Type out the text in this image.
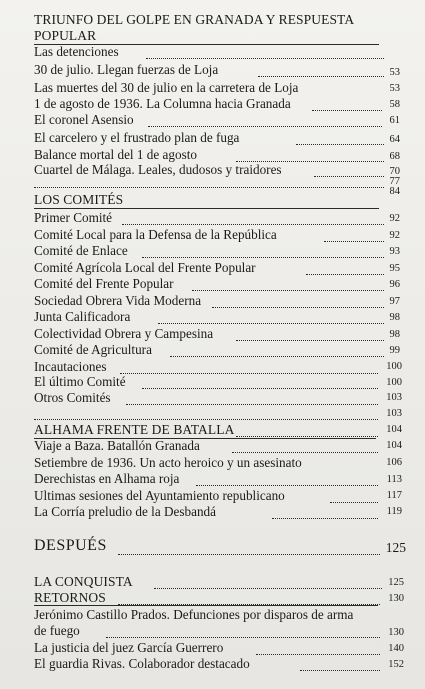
TRIUNFO DEL GOLPE EN GRANADA Y RESPUESTA
POPULAR
Las detenciones
30 de julio. Llegan fuerzas de Loja	53
Las muertes del 30 de julio en la carretera de Loja	53
1 de agosto de 1936. La Columna hacia Granada	58
El coronel Asensio	61
El carcelero y el frustrado plan de fuga	64
Balance mortal del 1 de agosto	68
Cuartel de Málaga. Leales, dudosos y traidores	70
77
84
LOS COMITÉS
Primer Comité	92
Comité Local para la Defensa de la República	92
Comité de Enlace	93
Comité Agrícola Local del Frente Popular	95
Comité del Frente Popular	96
Sociedad Obrera Vida Moderna	97
Junta Calificadora	98
Colectividad Obrera y Campesina	98
Comité de Agricultura	99
Incautaciones	100
El último Comité	100
Otros Comités	103
103
ALHAMA FRENTE DE BATALLA	104
Viaje a Baza. Batallón Granada	104
Setiembre de 1936. Un acto heroico y un asesinato	106
Derechistas en Alhama roja	113
Ultimas sesiones del Ayuntamiento republicano	117
La Corría preludio de la Desbandá	119
DESPUÉS	125
LA CONQUISTA	125
RETORNOS	130
Jerónimo Castillo Prados. Defunciones por disparos de arma
de fuego	130
La justicia del juez García Guerrero	140
El guardia Rivas. Colaborador destacado	152
